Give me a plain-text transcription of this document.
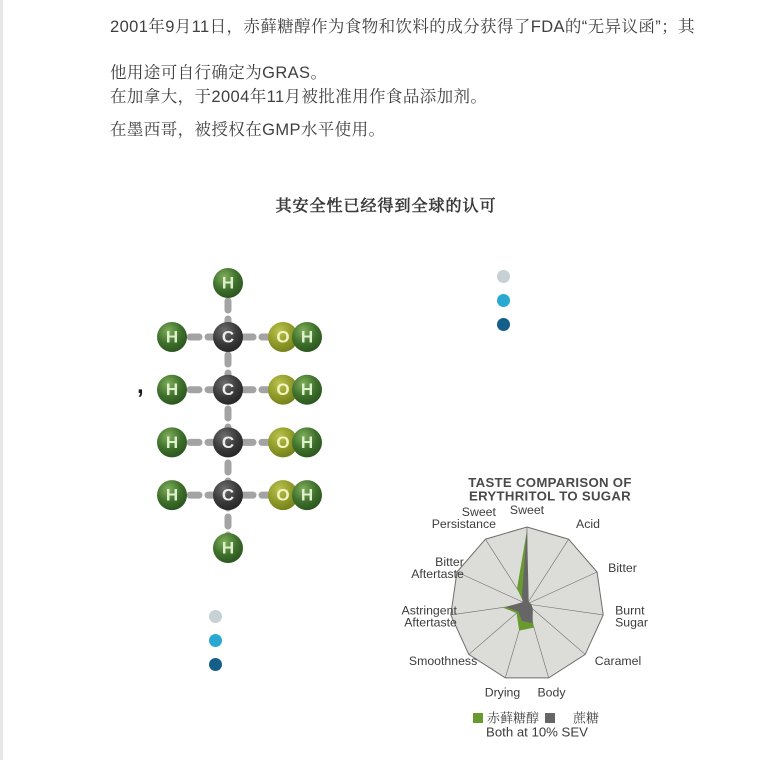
2001年9月11日，赤藓糖醇作为食物和饮料的成分获得了FDA的“无异议函”；其
他用途可自行确定为GRAS。
在加拿大，于2004年11月被批准用作食品添加剂。
在墨西哥，被授权在GMP水平使用。
其安全性已经得到全球的认可
,
H
H	C O H
H	C O H
H	C O H
H	C O H
H
TASTE COMPARISON OF
ERYTHRITOL TO SUGAR
Sweet
Acid
Bitter
Burnt
Sugar
Caramel
Body
Drying
Smoothness
Astringent
Aftertaste
Bitter
Aftertaste
Sweet
Persistance
赤藓糖醇	蔗糖
Both at 10% SEV
